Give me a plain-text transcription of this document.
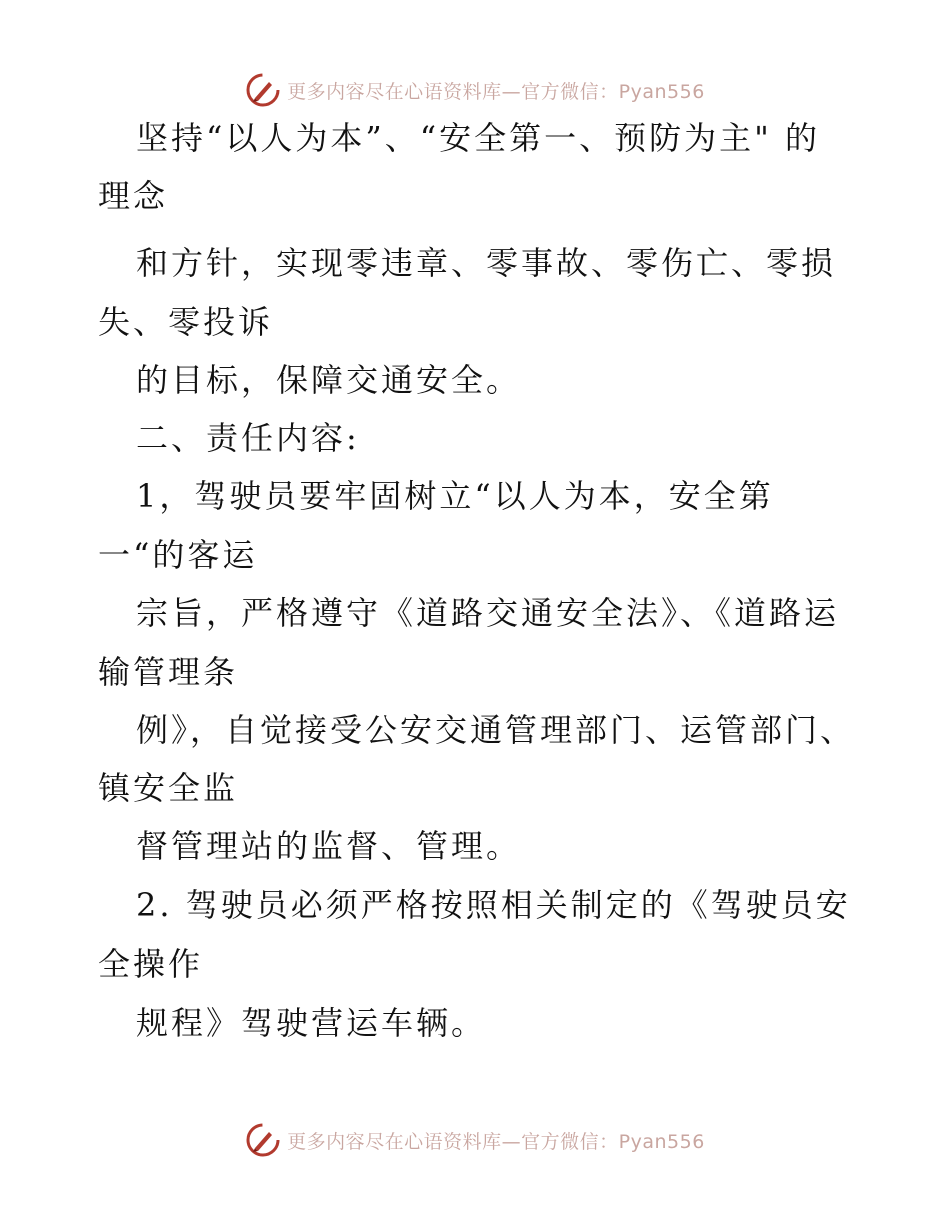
更多内容尽在心语资料库—官方微信：Pyan556
坚持“以人为本”、“安全第一、预防为主" 的
理念
和方针，实现零违章、零事故、零伤亡、零损
失、零投诉
的目标，保障交通安全。
二、责任内容:
1，驾驶员要牢固树立“以人为本，安全第
一“的客运
宗旨，严格遵守《道路交通安全法》、《道路运
输管理条
例》，自觉接受公安交通管理部门、运管部门、
镇安全监
督管理站的监督、管理。
2. 驾驶员必须严格按照相关制定的《驾驶员安
全操作
规程》驾驶营运车辆。
更多内容尽在心语资料库—官方微信：Pyan556
